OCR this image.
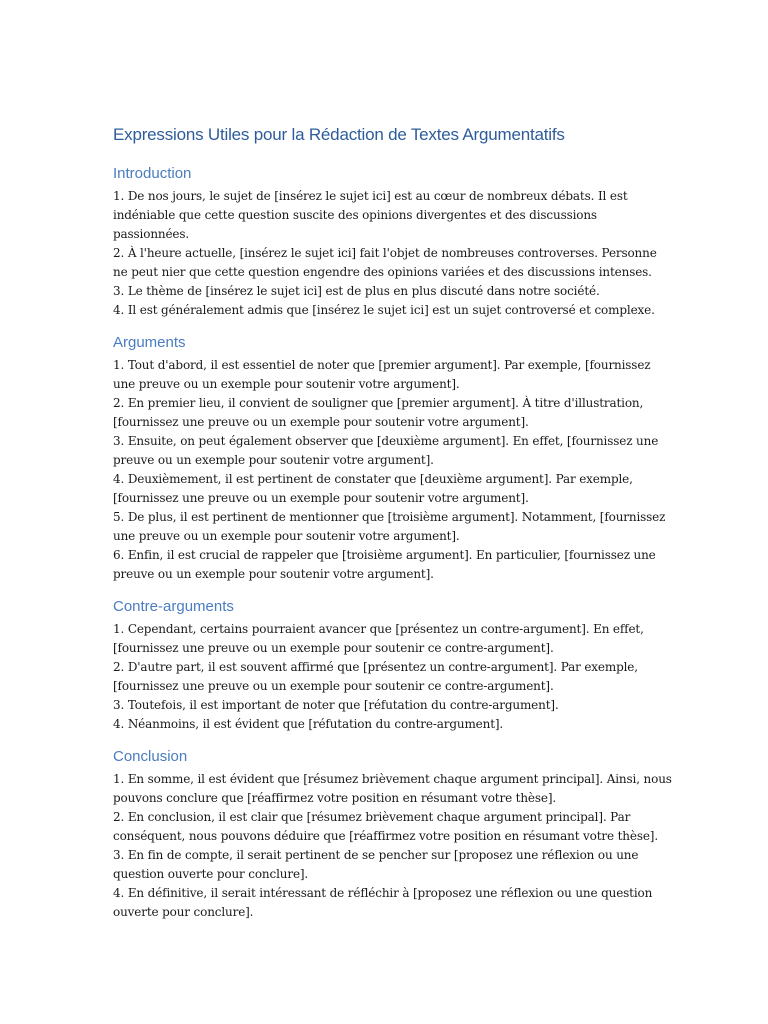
Expressions Utiles pour la Rédaction de Textes Argumentatifs
Introduction

1. De nos jours, le sujet de [insérez le sujet ici] est au cœur de nombreux débats. Il est indéniable que cette question suscite des opinions divergentes et des discussions passionnées.

2. À l'heure actuelle, [insérez le sujet ici] fait l'objet de nombreuses controverses. Personne ne peut nier que cette question engendre des opinions variées et des discussions intenses.

3. Le thème de [insérez le sujet ici] est de plus en plus discuté dans notre société.

4. Il est généralement admis que [insérez le sujet ici] est un sujet controversé et complexe.

Arguments

1. Tout d'abord, il est essentiel de noter que [premier argument]. Par exemple, [fournissez une preuve ou un exemple pour soutenir votre argument].

2. En premier lieu, il convient de souligner que [premier argument]. À titre d'illustration, [fournissez une preuve ou un exemple pour soutenir votre argument].

3. Ensuite, on peut également observer que [deuxième argument]. En effet, [fournissez une preuve ou un exemple pour soutenir votre argument].

4. Deuxièmement, il est pertinent de constater que [deuxième argument]. Par exemple, [fournissez une preuve ou un exemple pour soutenir votre argument].

5. De plus, il est pertinent de mentionner que [troisième argument]. Notamment, [fournissez une preuve ou un exemple pour soutenir votre argument].

6. Enfin, il est crucial de rappeler que [troisième argument]. En particulier, [fournissez une preuve ou un exemple pour soutenir votre argument].

Contre-arguments

1. Cependant, certains pourraient avancer que [présentez un contre-argument]. En effet, [fournissez une preuve ou un exemple pour soutenir ce contre-argument].

2. D'autre part, il est souvent affirmé que [présentez un contre-argument]. Par exemple, [fournissez une preuve ou un exemple pour soutenir ce contre-argument].

3. Toutefois, il est important de noter que [réfutation du contre-argument].

4. Néanmoins, il est évident que [réfutation du contre-argument].

Conclusion

1. En somme, il est évident que [résumez brièvement chaque argument principal]. Ainsi, nous pouvons conclure que [réaffirmez votre position en résumant votre thèse].

2. En conclusion, il est clair que [résumez brièvement chaque argument principal]. Par conséquent, nous pouvons déduire que [réaffirmez votre position en résumant votre thèse].

3. En fin de compte, il serait pertinent de se pencher sur [proposez une réflexion ou une question ouverte pour conclure].

4. En définitive, il serait intéressant de réfléchir à [proposez une réflexion ou une question ouverte pour conclure].
